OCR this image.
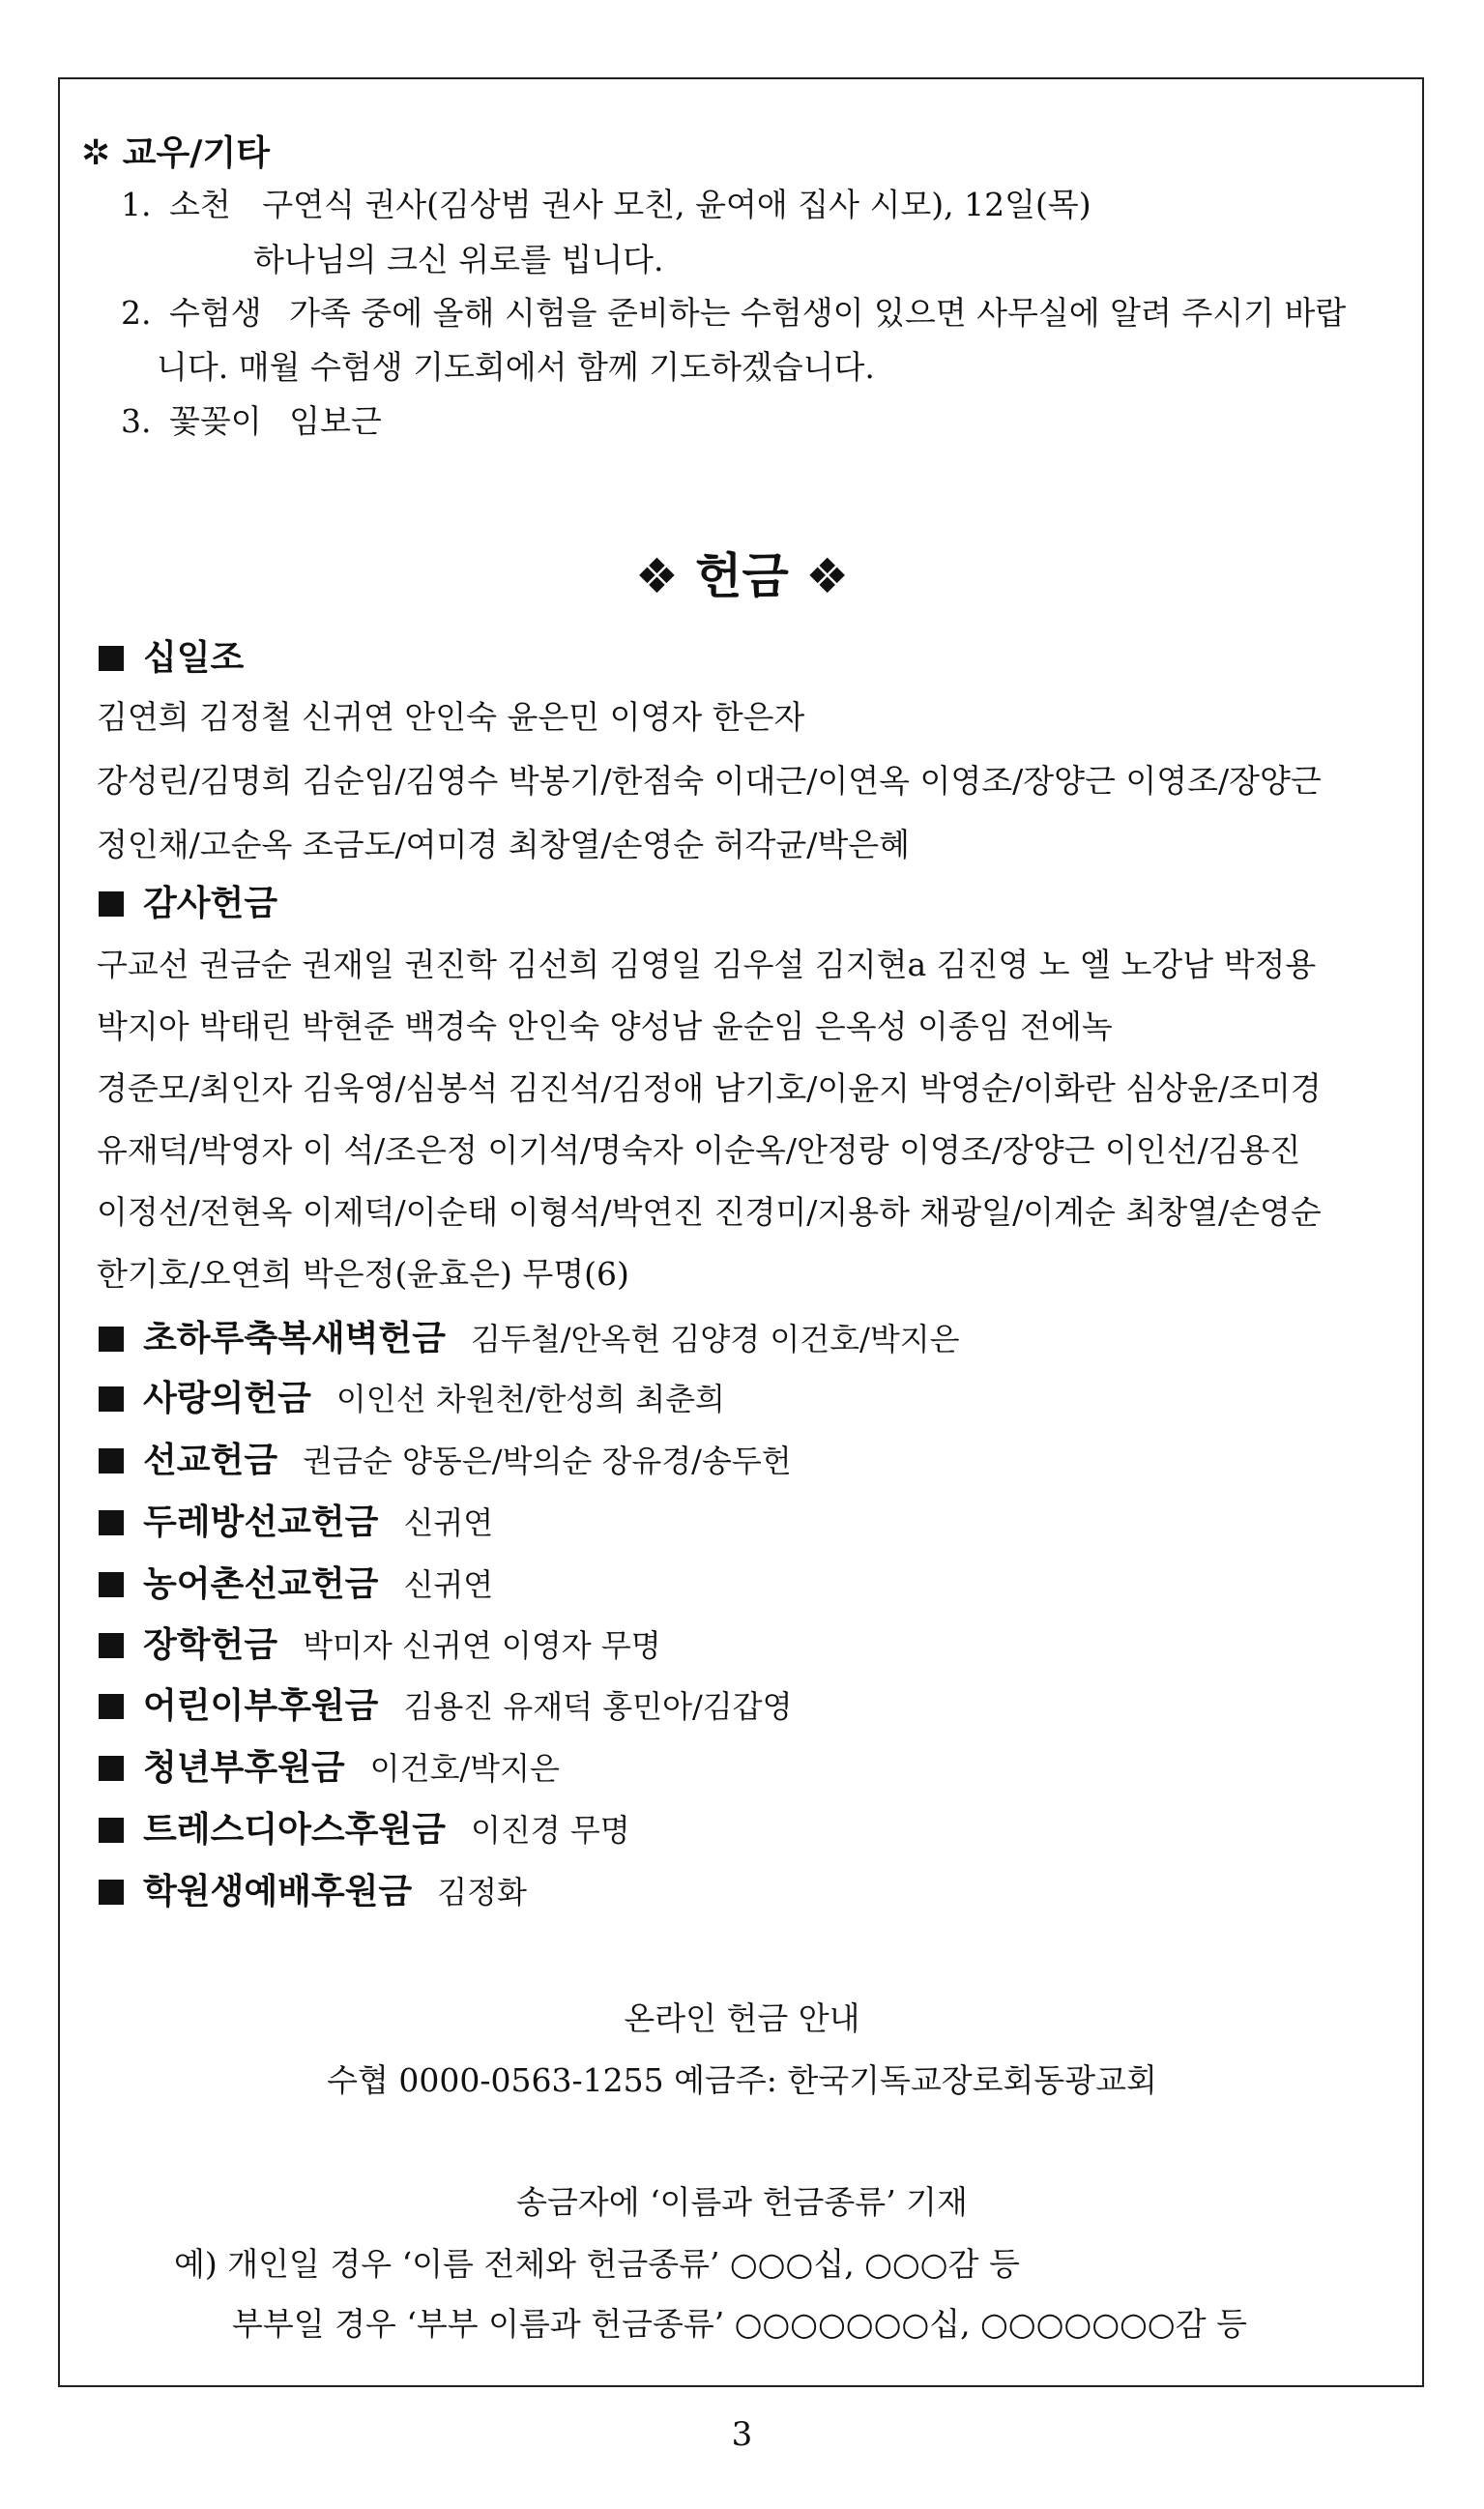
✲ 교우/기타
1. 소천 구연식 권사(김상범 권사 모친, 윤여애 집사 시모), 12일(목)
하나님의 크신 위로를 빕니다.
2. 수험생 가족 중에 올해 시험을 준비하는 수험생이 있으면 사무실에 알려 주시기 바랍
니다. 매월 수험생 기도회에서 함께 기도하겠습니다.
3. 꽃꽂이 임보근
❖ 헌금 ❖
십일조
김연희 김정철 신귀연 안인숙 윤은민 이영자 한은자
강성린/김명희 김순임/김영수 박봉기/한점숙 이대근/이연옥 이영조/장양근 이영조/장양근
정인채/고순옥 조금도/여미경 최창열/손영순 허각균/박은혜
감사헌금
구교선 권금순 권재일 권진학 김선희 김영일 김우설 김지현a 김진영 노 엘 노강남 박정용
박지아 박태린 박현준 백경숙 안인숙 양성남 윤순임 은옥성 이종임 전에녹
경준모/최인자 김욱영/심봉석 김진석/김정애 남기호/이윤지 박영순/이화란 심상윤/조미경
유재덕/박영자 이 석/조은정 이기석/명숙자 이순옥/안정랑 이영조/장양근 이인선/김용진
이정선/전현옥 이제덕/이순태 이형석/박연진 진경미/지용하 채광일/이계순 최창열/손영순
한기호/오연희 박은정(윤효은) 무명(6)
초하루축복새벽헌금 김두철/안옥현 김양경 이건호/박지은
사랑의헌금 이인선 차원천/한성희 최춘희
선교헌금 권금순 양동은/박의순 장유경/송두헌
두레방선교헌금 신귀연
농어촌선교헌금 신귀연
장학헌금 박미자 신귀연 이영자 무명
어린이부후원금 김용진 유재덕 홍민아/김갑영
청년부후원금 이건호/박지은
트레스디아스후원금 이진경 무명
학원생예배후원금 김정화
온라인 헌금 안내
수협 0000-0563-1255 예금주: 한국기독교장로회동광교회
송금자에 ‘이름과 헌금종류’ 기재
예) 개인일 경우 ‘이름 전체와 헌금종류’ ○○○십, ○○○감 등
부부일 경우 ‘부부 이름과 헌금종류’ ○○○○○○○십, ○○○○○○○감 등
3
